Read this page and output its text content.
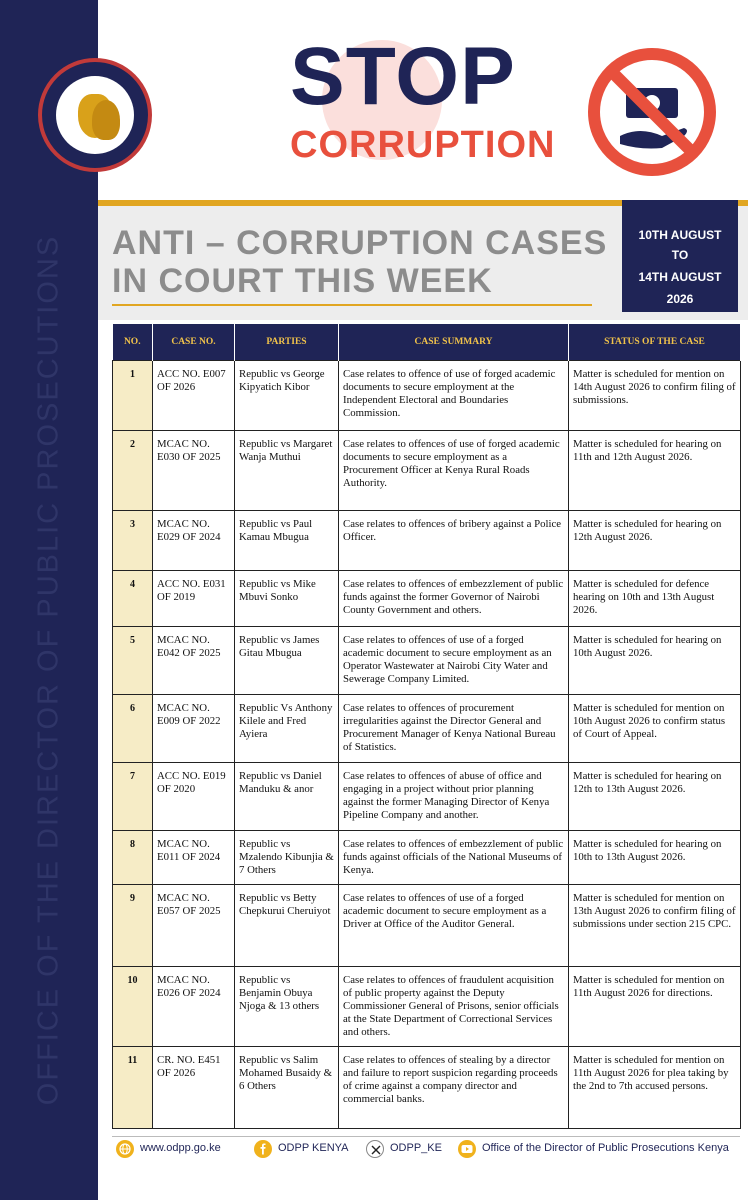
OFFICE OF THE DIRECTOR OF PUBLIC PROSECUTIONS
STOP
CORRUPTION
ANTI – CORRUPTION CASES
IN COURT THIS WEEK
10TH AUGUST
TO
14TH AUGUST
2026
NO.	CASE NO.	PARTIES	CASE SUMMARY	STATUS OF THE CASE
1	ACC NO. E007 OF 2026	Republic vs George Kipyatich Kibor	Case relates to offence of use of forged academic documents to secure employment at the Independent Electoral and Boundaries Commission.	Matter is scheduled for mention on 14th August 2026 to confirm filing of submissions.
2	MCAC NO. E030 OF 2025	Republic vs Margaret Wanja Muthui	Case relates to offences of use of forged academic documents to secure employment as a Procurement Officer at Kenya Rural Roads Authority.	Matter is scheduled for hearing on 11th and 12th August 2026.
3	MCAC NO. E029 OF 2024	Republic vs Paul Kamau Mbugua	Case relates to offences of bribery against a Police Officer.	Matter is scheduled for hearing on 12th August 2026.
4	ACC NO. E031 OF 2019	Republic vs Mike Mbuvi Sonko	Case relates to offences of embezzlement of public funds against the former Governor of Nairobi County Government and others.	Matter is scheduled for defence hearing on 10th and 13th August 2026.
5	MCAC NO. E042 OF 2025	Republic vs James Gitau Mbugua	Case relates to offences of use of a forged academic document to secure employment as an Operator Wastewater at Nairobi City Water and Sewerage Company Limited.	Matter is scheduled for hearing on 10th August 2026.
6	MCAC NO. E009 OF 2022	Republic Vs Anthony Kilele and Fred Ayiera	Case relates to offences of procurement irregularities against the Director General and Procurement Manager of Kenya National Bureau of Statistics.	Matter is scheduled for mention on 10th August 2026 to confirm status of Court of Appeal.
7	ACC NO. E019 OF 2020	Republic vs Daniel Manduku & anor	Case relates to offences of abuse of office and engaging in a project without prior planning against the former Managing Director of Kenya Pipeline Company and another.	Matter is scheduled for hearing on 12th to 13th August 2026.
8	MCAC NO. E011 OF 2024	Republic vs Mzalendo Kibunjia & 7 Others	Case relates to offences of embezzlement of public funds against officials of the National Museums of Kenya.	Matter is scheduled for hearing on 10th to 13th August 2026.
9	MCAC NO. E057 OF 2025	Republic vs Betty Chepkurui Cheruiyot	Case relates to offences of use of a forged academic document to secure employment as a Driver at Office of the Auditor General.	Matter is scheduled for mention on 13th August 2026 to confirm filing of submissions under section 215 CPC.
10	MCAC NO. E026 OF 2024	Republic vs Benjamin Obuya Njoga & 13 others	Case relates to offences of fraudulent acquisition of public property against the Deputy Commissioner General of Prisons, senior officials at the State Department of Correctional Services and others.	Matter is scheduled for mention on 11th August 2026 for directions.
11	CR. NO. E451 OF 2026	Republic vs Salim Mohamed Busaidy & 6 Others	Case relates to offences of stealing by a director and failure to report suspicion regarding proceeds of crime against a company director and commercial banks.	Matter is scheduled for mention on 11th August 2026 for plea taking by the 2nd to 7th accused persons.
www.odpp.go.ke	ODPP KENYA	ODPP_KE	Office of the Director of Public Prosecutions Kenya
